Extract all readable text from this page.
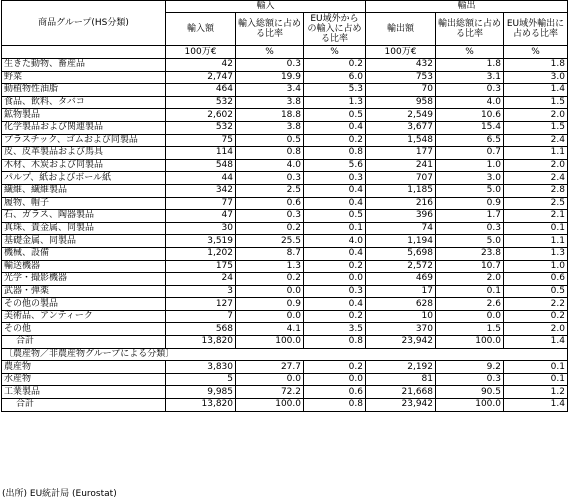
商品グループ(HS分類)	輸入			輸出		
	輸入額	輸入総額に占める比率	EU域外からの輸入に占める比率	輸出額	輸出総額に占める比率	EU域外輸出に占める比率
	100万€	%	%	100万€	%	%
生きた動物、畜産品	42	0.3	0.2	432	1.8	1.8
野菜	2,747	19.9	6.0	753	3.1	3.0
動植物性油脂	464	3.4	5.3	70	0.3	1.4
食品、飲料、タバコ	532	3.8	1.3	958	4.0	1.5
鉱物製品	2,602	18.8	0.5	2,549	10.6	2.0
化学製品および関連製品	532	3.8	0.4	3,677	15.4	1.5
プラスチック、ゴムおよび同製品	75	0.5	0.2	1,548	6.5	2.4
皮、皮革製品および馬具	114	0.8	0.8	177	0.7	1.1
木材、木炭および同製品	548	4.0	5.6	241	1.0	2.0
パルプ、紙およびボール紙	44	0.3	0.3	707	3.0	2.4
繊維、繊維製品	342	2.5	0.4	1,185	5.0	2.8
履物、帽子	77	0.6	0.4	216	0.9	2.5
石、ガラス、陶器製品	47	0.3	0.5	396	1.7	2.1
真珠、貴金属、同製品	30	0.2	0.1	74	0.3	0.1
基礎金属、同製品	3,519	25.5	4.0	1,194	5.0	1.1
機械、設備	1,202	8.7	0.4	5,698	23.8	1.3
輸送機器	175	1.3	0.2	2,572	10.7	1.0
光学・撮影機器	24	0.2	0.0	469	2.0	0.6
武器・弾薬	3	0.0	0.3	17	0.1	0.5
その他の製品	127	0.9	0.4	628	2.6	2.2
美術品、アンティーク	7	0.0	0.2	10	0.0	0.2
その他	568	4.1	3.5	370	1.5	2.0
合計	13,820	100.0	0.8	23,942	100.0	1.4
〔農産物／非農産物グループによる分類〕						
農産物	3,830	27.7	0.2	2,192	9.2	0.1
水産物	5	0.0	0.0	81	0.3	0.1
工業製品	9,985	72.2	0.6	21,668	90.5	1.2
合計	13,820	100.0	0.8	23,942	100.0	1.4
(出所) EU統計局 (Eurostat)
